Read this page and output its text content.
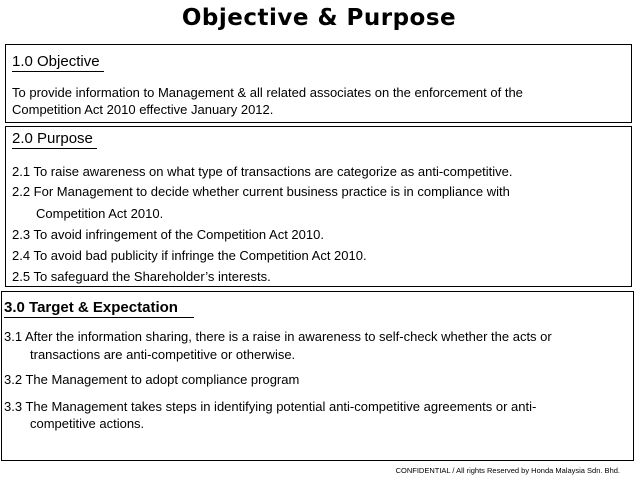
Objective & Purpose
1.0 Objective
To provide information to Management & all related associates on the enforcement of the
Competition Act 2010 effective January 2012.
2.0 Purpose
2.1 To raise awareness on what type of transactions are categorize as anti-competitive.
2.2 For Management to decide whether current business practice is in compliance with
Competition Act 2010.
2.3 To avoid infringement of the Competition Act 2010.
2.4 To avoid bad publicity if infringe the Competition Act 2010.
2.5 To safeguard the Shareholder’s interests.
3.0 Target & Expectation
3.1 After the information sharing, there is a raise in awareness to self-check whether the acts or
transactions are anti-competitive or otherwise.
3.2 The Management to adopt compliance program
3.3 The Management takes steps in identifying potential anti-competitive agreements or anti-
competitive actions.
CONFIDENTIAL / All rights Reserved by Honda Malaysia Sdn. Bhd.
